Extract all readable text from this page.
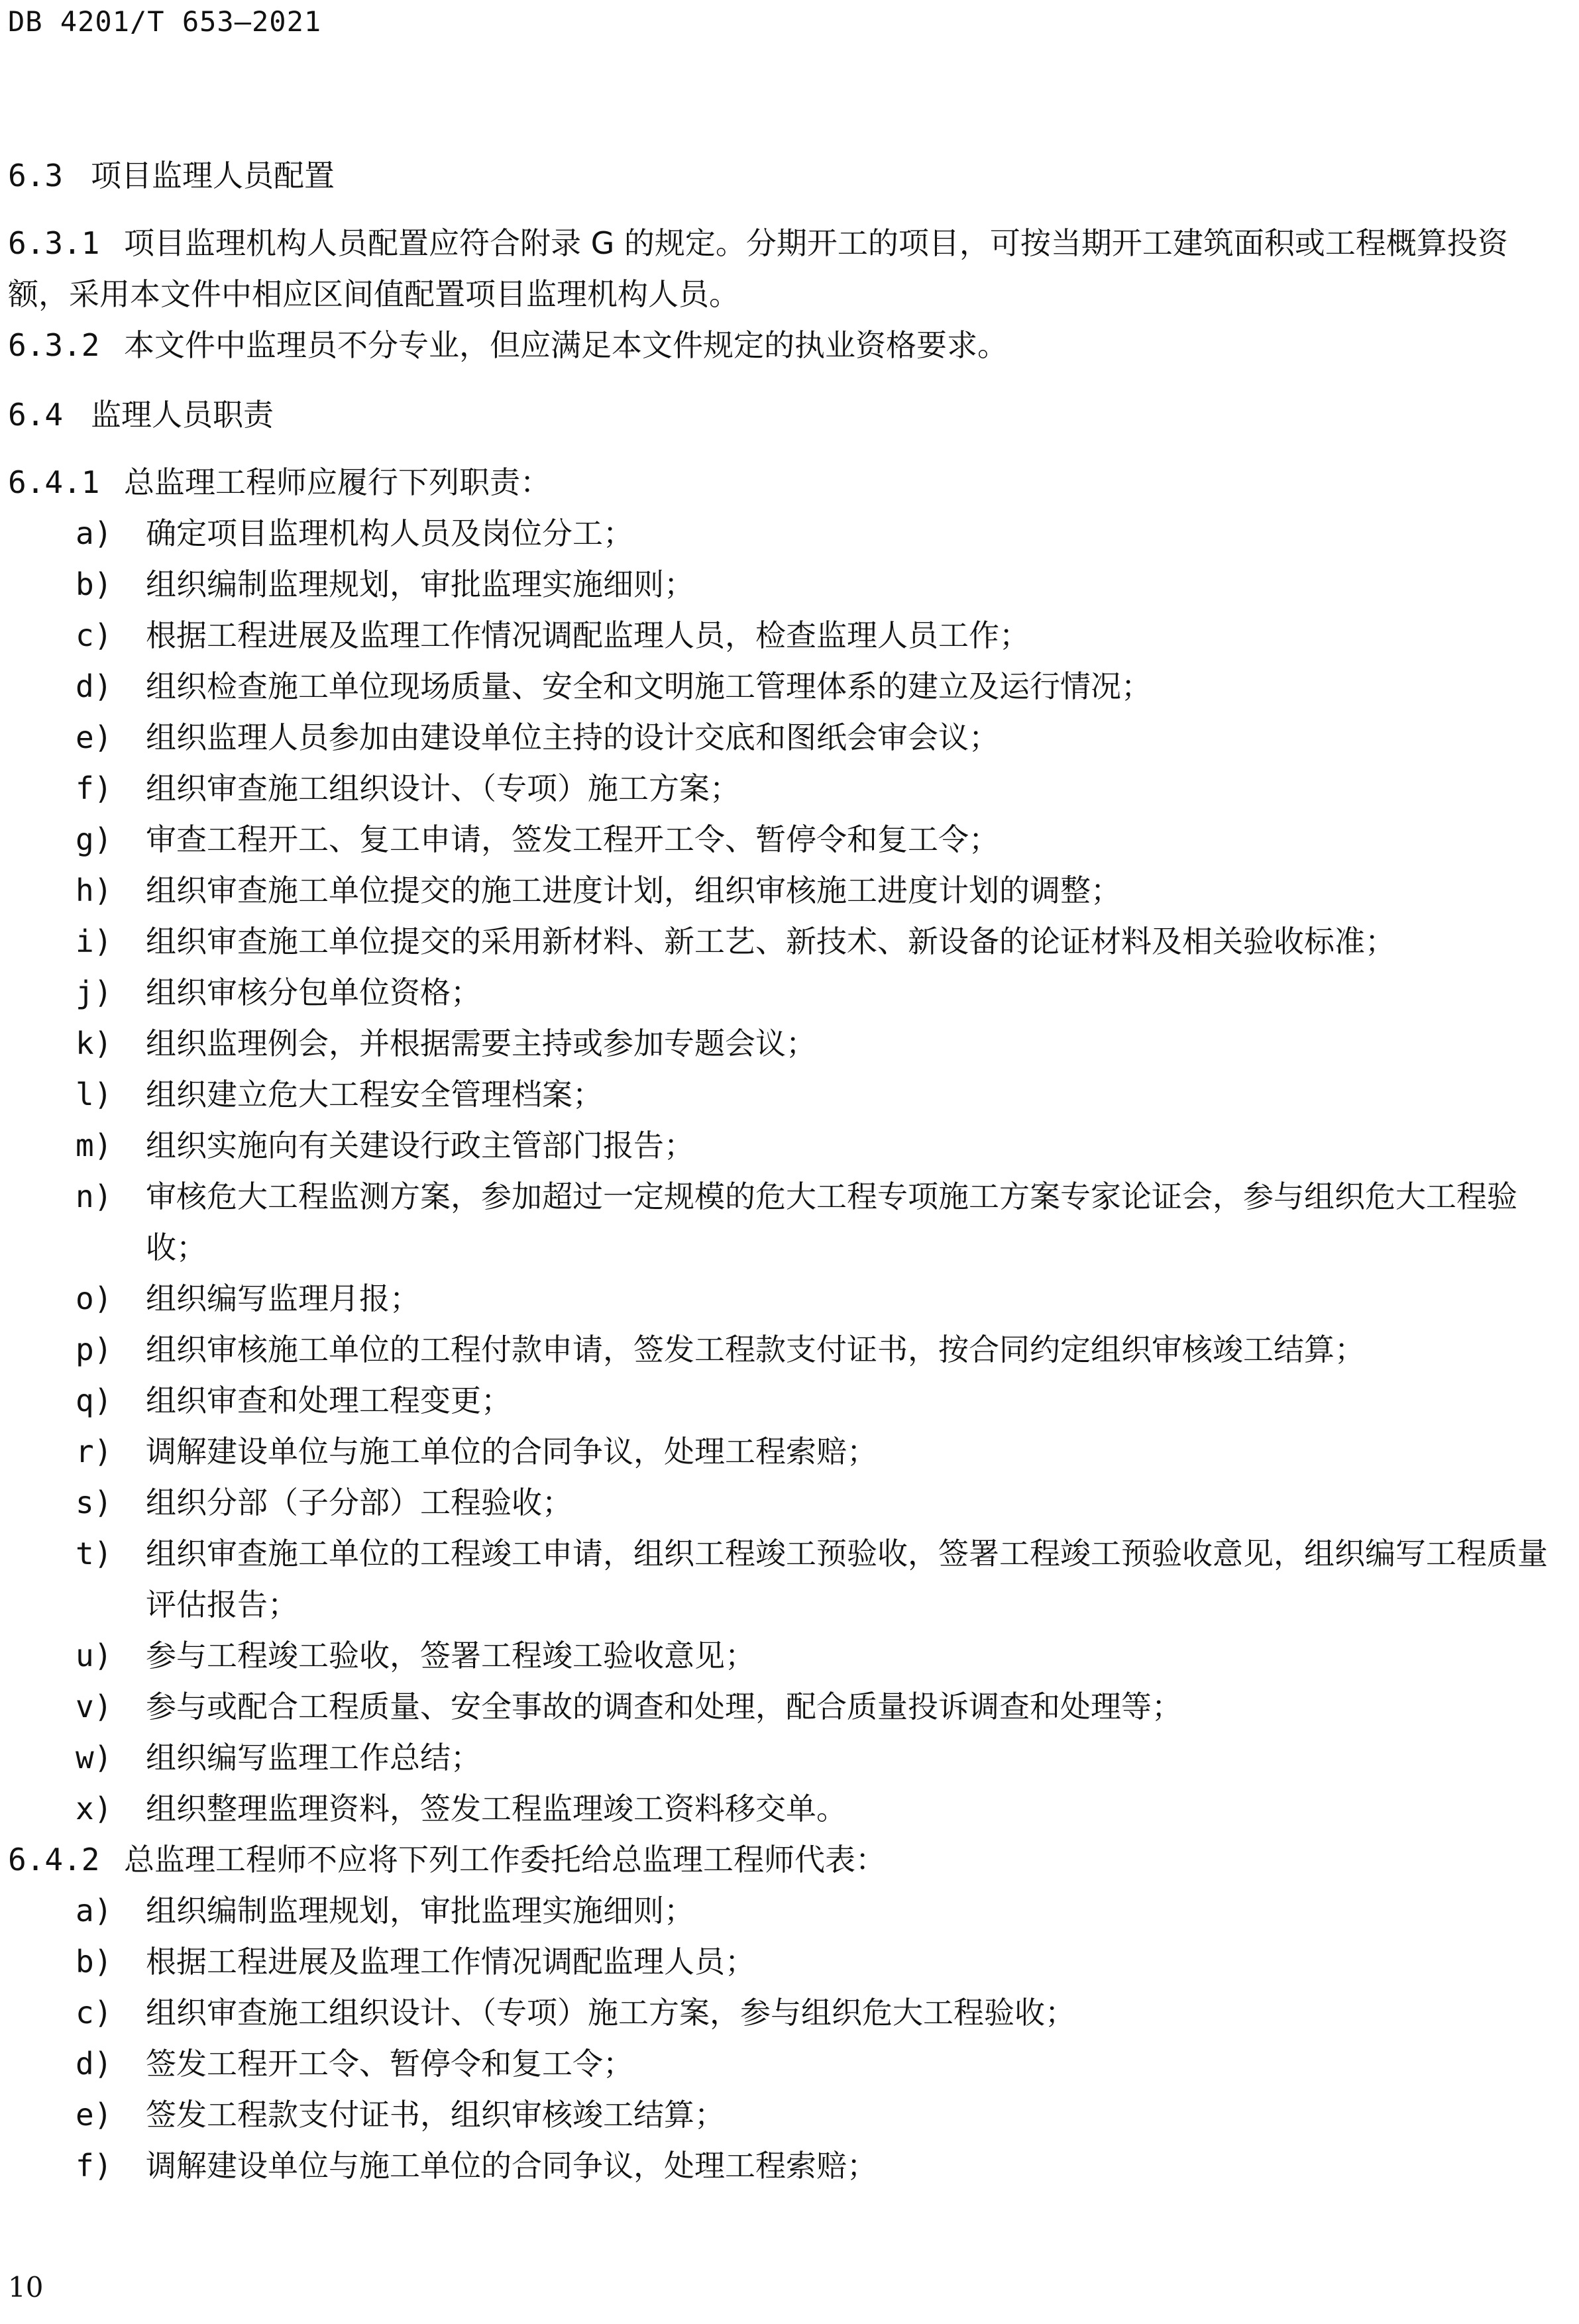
DB 4201/T 653—2021
6.3 项目监理人员配置
6.3.1 项目监理机构人员配置应符合附录 G 的规定。分期开工的项目，可按当期开工建筑面积或工程概算投资额，采用本文件中相应区间值配置项目监理机构人员。
6.3.2 本文件中监理员不分专业，但应满足本文件规定的执业资格要求。
6.4 监理人员职责
6.4.1 总监理工程师应履行下列职责：
a) 确定项目监理机构人员及岗位分工；
b) 组织编制监理规划，审批监理实施细则；
c) 根据工程进展及监理工作情况调配监理人员，检查监理人员工作；
d) 组织检查施工单位现场质量、安全和文明施工管理体系的建立及运行情况；
e) 组织监理人员参加由建设单位主持的设计交底和图纸会审会议；
f) 组织审查施工组织设计、（专项）施工方案；
g) 审查工程开工、复工申请，签发工程开工令、暂停令和复工令；
h) 组织审查施工单位提交的施工进度计划，组织审核施工进度计划的调整；
i) 组织审查施工单位提交的采用新材料、新工艺、新技术、新设备的论证材料及相关验收标准；
j) 组织审核分包单位资格；
k) 组织监理例会，并根据需要主持或参加专题会议；
l) 组织建立危大工程安全管理档案；
m) 组织实施向有关建设行政主管部门报告；
n) 审核危大工程监测方案，参加超过一定规模的危大工程专项施工方案专家论证会，参与组织危大工程验收；
o) 组织编写监理月报；
p) 组织审核施工单位的工程付款申请，签发工程款支付证书，按合同约定组织审核竣工结算；
q) 组织审查和处理工程变更；
r) 调解建设单位与施工单位的合同争议，处理工程索赔；
s) 组织分部（子分部）工程验收；
t) 组织审查施工单位的工程竣工申请，组织工程竣工预验收，签署工程竣工预验收意见，组织编写工程质量评估报告；
u) 参与工程竣工验收，签署工程竣工验收意见；
v) 参与或配合工程质量、安全事故的调查和处理，配合质量投诉调查和处理等；
w) 组织编写监理工作总结；
x) 组织整理监理资料，签发工程监理竣工资料移交单。
6.4.2 总监理工程师不应将下列工作委托给总监理工程师代表：
a) 组织编制监理规划，审批监理实施细则；
b) 根据工程进展及监理工作情况调配监理人员；
c) 组织审查施工组织设计、（专项）施工方案，参与组织危大工程验收；
d) 签发工程开工令、暂停令和复工令；
e) 签发工程款支付证书，组织审核竣工结算；
f) 调解建设单位与施工单位的合同争议，处理工程索赔；
10
